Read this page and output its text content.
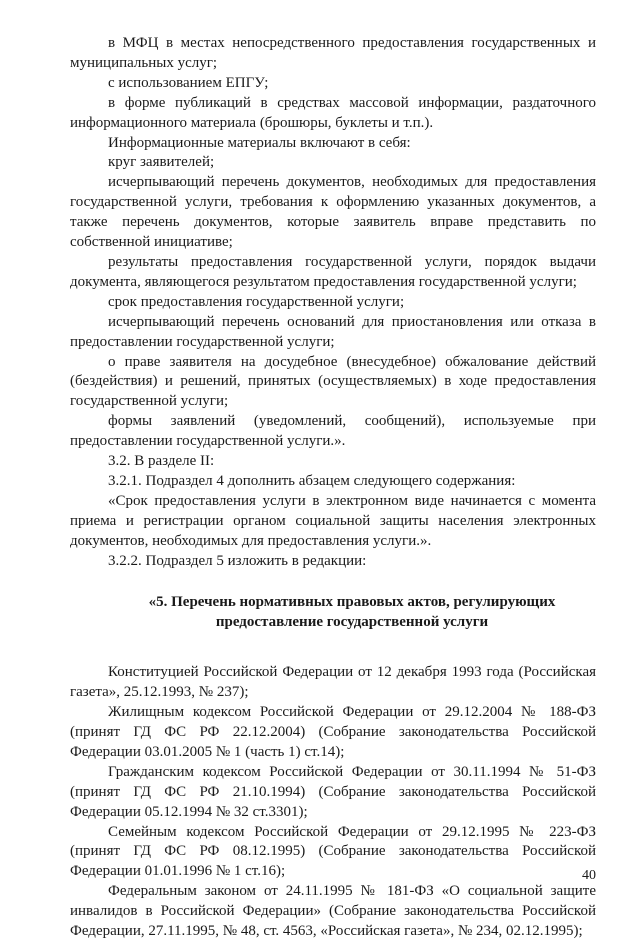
в МФЦ в местах непосредственного предоставления государственных и муниципальных услуг;

с использованием ЕПГУ;

в форме публикаций в средствах массовой информации, раздаточного информационного материала (брошюры, буклеты и т.п.).

Информационные материалы включают в себя:

круг заявителей;

исчерпывающий перечень документов, необходимых для предоставления государственной услуги, требования к оформлению указанных документов, а также перечень документов, которые заявитель вправе представить по собственной инициативе;

результаты предоставления государственной услуги, порядок выдачи документа, являющегося результатом предоставления государственной услуги;

срок предоставления государственной услуги;

исчерпывающий перечень оснований для приостановления или отказа в предоставлении государственной услуги;

о праве заявителя на досудебное (внесудебное) обжалование действий (бездействия) и решений, принятых (осуществляемых) в ходе предоставления государственной услуги;

формы заявлений (уведомлений, сообщений), используемые при предоставлении государственной услуги.».

3.2. В разделе II:

3.2.1. Подраздел 4 дополнить абзацем следующего содержания:

«Срок предоставления услуги в электронном виде начинается с момента приема и регистрации органом социальной защиты населения электронных документов, необходимых для предоставления услуги.».

3.2.2. Подраздел 5 изложить в редакции:

«5. Перечень нормативных правовых актов, регулирующих
предоставление государственной услуги

Конституцией Российской Федерации от 12 декабря 1993 года (Российская газета», 25.12.1993, № 237);

Жилищным кодексом Российской Федерации от 29.12.2004 № 188-ФЗ (принят ГД ФС РФ 22.12.2004) (Собрание законодательства Российской Федерации 03.01.2005 № 1 (часть 1) ст.14);

Гражданским кодексом Российской Федерации от 30.11.1994 № 51-ФЗ (принят ГД ФС РФ 21.10.1994) (Собрание законодательства Российской Федерации 05.12.1994 № 32 ст.3301);

Семейным кодексом Российской Федерации от 29.12.1995 № 223-ФЗ (принят ГД ФС РФ 08.12.1995) (Собрание законодательства Российской Федерации 01.01.1996 № 1 ст.16);

Федеральным законом от 24.11.1995 № 181-ФЗ «О социальной защите инвалидов в Российской Федерации» (Собрание законодательства Российской Федерации, 27.11.1995, № 48, ст. 4563, «Российская газета», № 234, 02.12.1995);

40
